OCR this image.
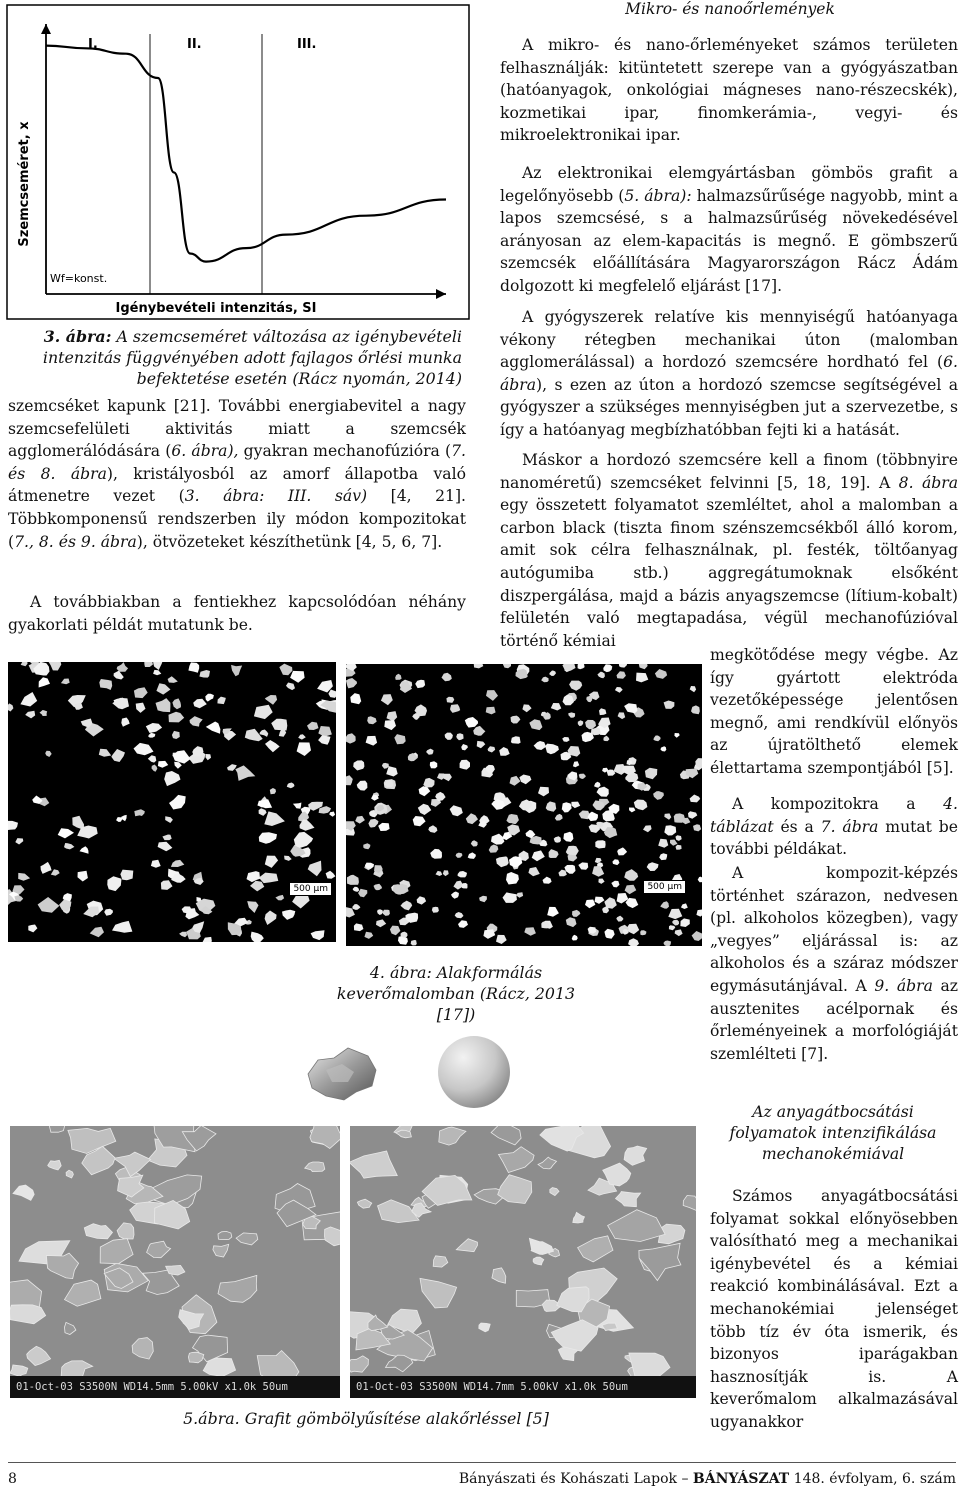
Mikro- és nanoőrlemények
Szemcseméret, x
Igénybevételi intenzitás, SI
I.	II.	III.
Wf=konst.
3. ábra: A szemcseméret változása az igénybevételi intenzitás függvényében adott fajlagos őrlési munka befektetése esetén (Rácz nyomán, 2014)

szemcséket kapunk [21]. További energiabevitel a nagy szemcsefelületi aktivitás miatt a szemcsék agglomerálódására (6. ábra), gyakran mechanofúzióra (7. és 8. ábra), kristályosból az amorf állapotba való átmenetre vezet (3. ábra: III. sáv) [4, 21]. Többkomponensű rendszerben ily módon kompozitokat (7., 8. és 9. ábra), ötvözeteket készíthetünk [4, 5, 6, 7].

A továbbiakban a fentiekhez kapcsolódóan néhány gyakorlati példát mutatunk be.

A mikro- és nano-őrleményeket számos területen felhasználják: kitüntetett szerepe van a gyógyászatban (hatóanyagok, onkológiai mágneses nano-részecskék), kozmetikai ipar, finomkerámia-, vegyi- és mikroelektronikai ipar.

Az elektronikai elemgyártásban gömbös grafit a legelőnyösebb (5. ábra): halmazsűrűsége nagyobb, mint a lapos szemcsésé, s a halmazsűrűség növekedésével arányosan az elem-kapacitás is megnő. E gömbszerű szemcsék előállítására Magyarországon Rácz Ádám dolgozott ki megfelelő eljárást [17].

A gyógyszerek relatíve kis mennyiségű hatóanyaga vékony rétegben mechanikai úton (malomban agglomerálással) a hordozó szemcsére hordható fel (6. ábra), s ezen az úton a hordozó szemcse segítségével a gyógyszer a szükséges mennyiségben jut a szervezetbe, s így a hatóanyag megbízhatóbban fejti ki a hatását.

Máskor a hordozó szemcsére kell a finom (többnyire nanoméretű) szemcséket felvinni [5, 18, 19]. A 8. ábra egy összetett folyamatot szemléltet, ahol a malomban a carbon black (tiszta finom szénszemcsékből álló korom, amit sok célra felhasználnak, pl. festék, töltőanyag autógumiba stb.) aggregátumoknak elsőként diszpergálása, majd a bázis anyagszemcse (lítium-kobalt) felületén való megtapadása, végül mechanofúzióval történő kémiai

megkötődése megy végbe. Az így gyártott elektróda vezetőképessége jelentősen megnő, ami rendkívül előnyös az újratölthető elemek élettartama szempontjából [5].

A kompozitokra a 4. táblázat és a 7. ábra mutat be további példákat.

A kompozit-képzés történhet szárazon, nedvesen (pl. alkoholos közegben), vagy „vegyes” eljárással is: az alkoholos és a száraz módszer egymásutánjával. A 9. ábra az ausztenites acélpornak és őrleményeinek a morfológiáját szemlélteti [7].

Az anyagátbocsátási folyamatok intenzifikálása mechanokémiával

Számos anyagátbocsátási folyamat sokkal előnyösebben valósítható meg a mechanikai igénybevétel és a kémiai reakció kombinálásával. Ezt a mechanokémiai jelenséget több tíz év óta ismerik, és bizonyos iparágakban hasznosítják is. A keverőmalom alkalmazásával ugyanakkor

500 μm	500 μm
4. ábra: Alakformálás keverőmalomban (Rácz, 2013 [17])
01-Oct-03 S3500N WD14.5mm 5.00kV x1.0k 50um	01-Oct-03 S3500N WD14.7mm 5.00kV x1.0k 50um
5.ábra. Grafit gömbölyűsítése alakőrléssel [5]
8	Bányászati és Kohászati Lapok – BÁNYÁSZAT 148. évfolyam, 6. szám
